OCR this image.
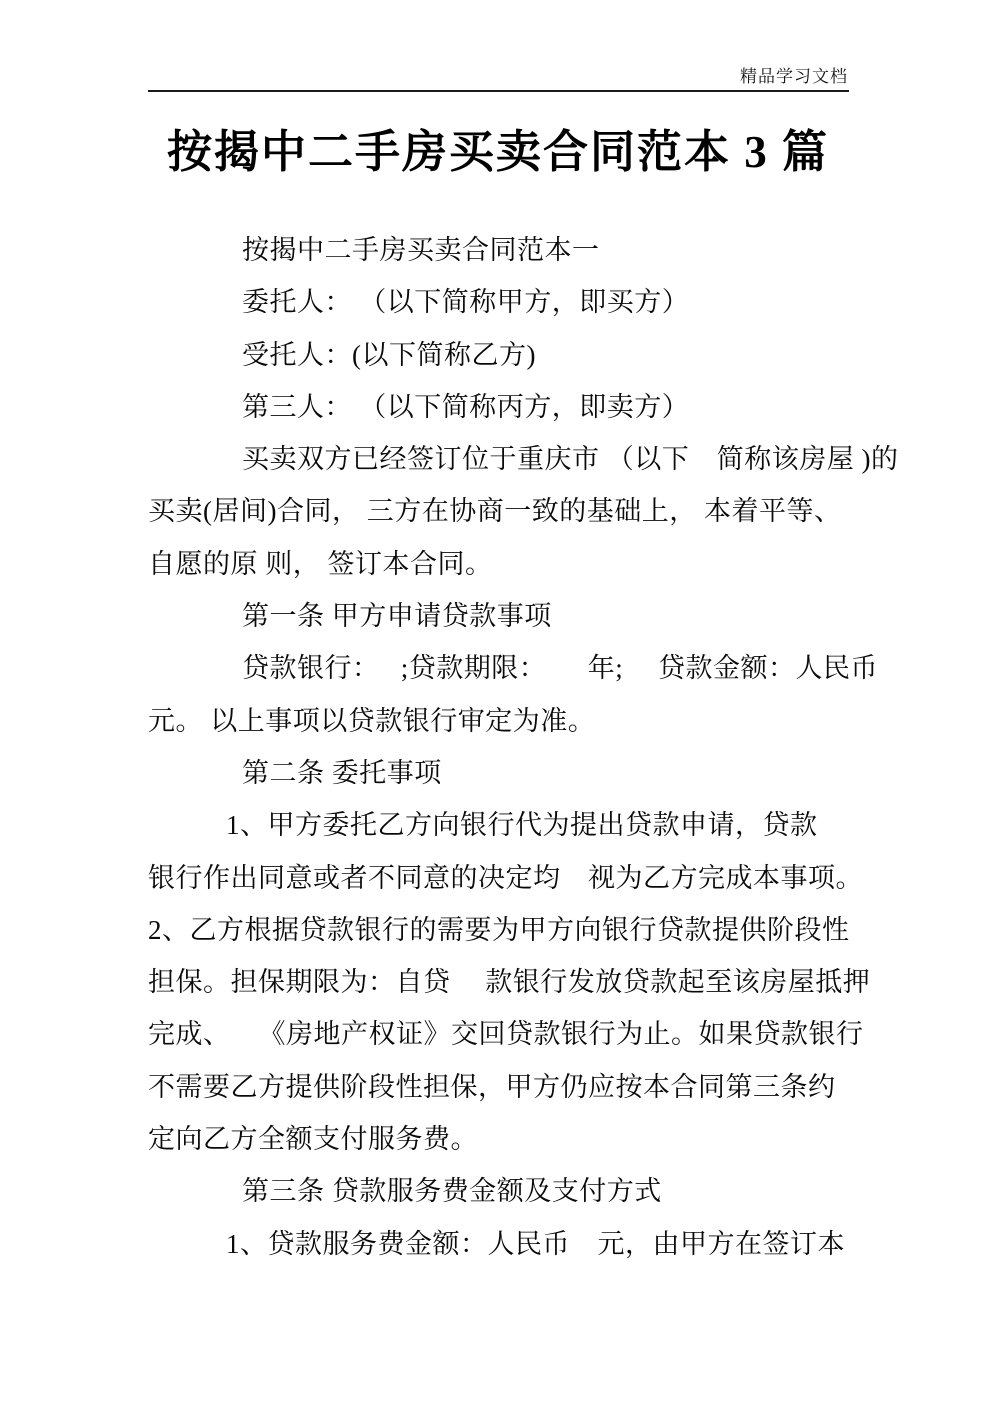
精品学习文档
按揭中二手房买卖合同范本 3 篇
按揭中二手房买卖合同范本一
委托人： （以下简称甲方，即买方）
受托人：(以下简称乙方)
第三人： （以下简称丙方，即卖方）
买卖双方已经签订位于重庆市 （以下　简称该房屋 )的
买卖(居间)合同， 三方在协商一致的基础上， 本着平等、
自愿的原 则， 签订本合同。
第一条 甲方申请贷款事项
贷款银行：　 ;贷款期限：　　年;　 贷款金额：人民币
元。 以上事项以贷款银行审定为准。
第二条 委托事项
1、甲方委托乙方向银行代为提出贷款申请，贷款
银行作出同意或者不同意的决定均　视为乙方完成本事项。
2、乙方根据贷款银行的需要为甲方向银行贷款提供阶段性
担保。担保期限为：自贷　 款银行发放贷款起至该房屋抵押
完成、　　《房地产权证》交回贷款银行为止。如果贷款银行
不需要乙方提供阶段性担保，甲方仍应按本合同第三条约
定向乙方全额支付服务费。
第三条 贷款服务费金额及支付方式
1、贷款服务费金额：人民币　元，由甲方在签订本
